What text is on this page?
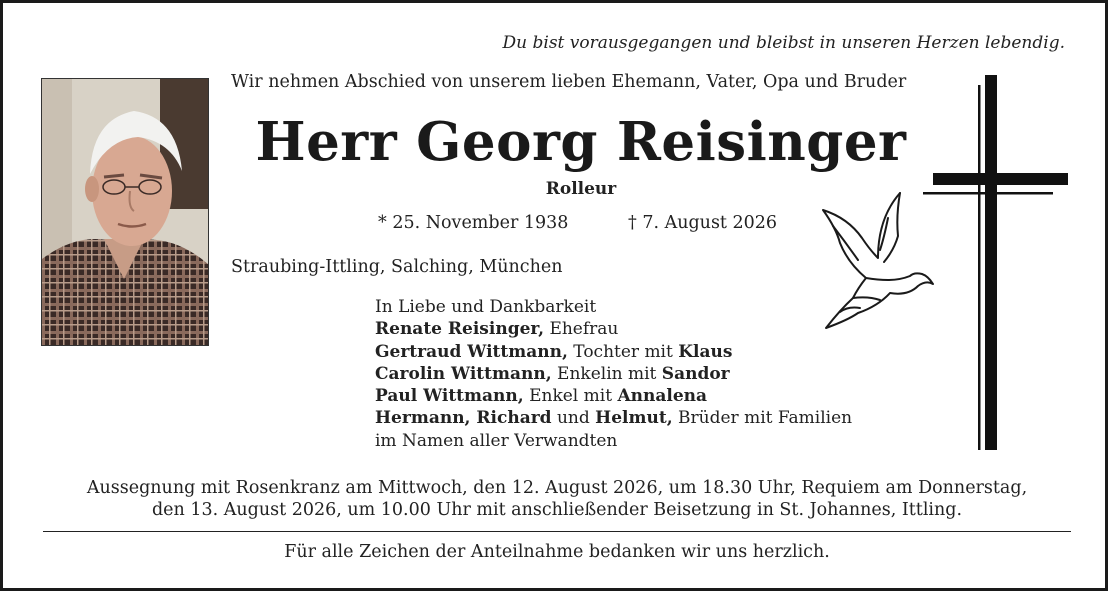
Du bist vorausgegangen und bleibst in unseren Herzen lebendig.
Wir nehmen Abschied von unserem lieben Ehemann, Vater, Opa und Bruder
Herr Georg Reisinger
Rolleur
* 25. November 1938	† 7. August 2026
Straubing-Ittling, Salching, München
In Liebe und Dankbarkeit
Renate Reisinger, Ehefrau
Gertraud Wittmann, Tochter mit Klaus
Carolin Wittmann, Enkelin mit Sandor
Paul Wittmann, Enkel mit Annalena
Hermann, Richard und Helmut, Brüder mit Familien
im Namen aller Verwandten
Aussegnung mit Rosenkranz am Mittwoch, den 12. August 2026, um 18.30 Uhr, Requiem am Donnerstag,
den 13. August 2026, um 10.00 Uhr mit anschließender Beisetzung in St. Johannes, Ittling.
Für alle Zeichen der Anteilnahme bedanken wir uns herzlich.
